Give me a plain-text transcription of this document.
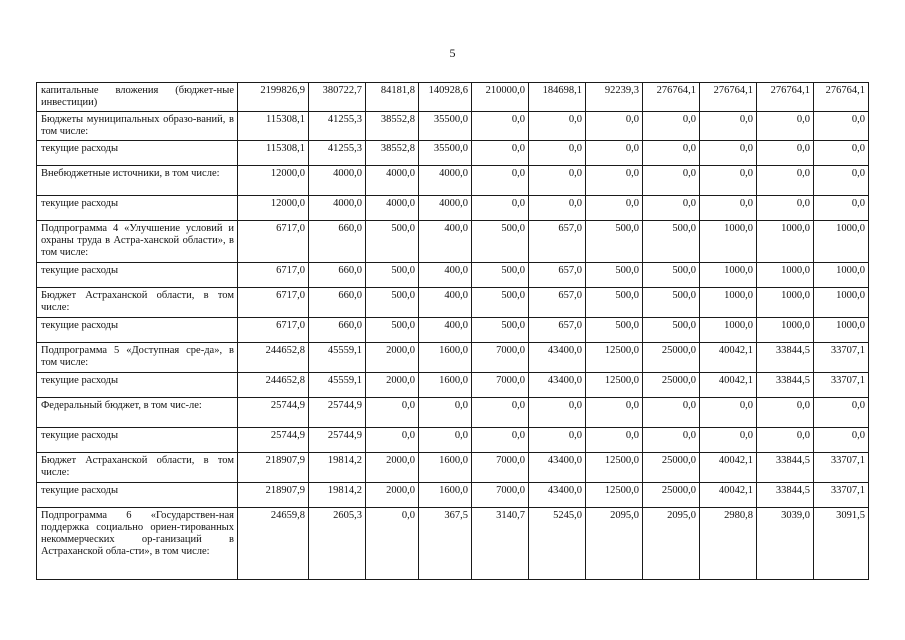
5
капитальные вложения (бюджет-ные инвестиции)	2199826,9	380722,7	84181,8	140928,6	210000,0	184698,1	92239,3	276764,1	276764,1	276764,1	276764,1
Бюджеты муниципальных образо-ваний, в том числе:	115308,1	41255,3	38552,8	35500,0	0,0	0,0	0,0	0,0	0,0	0,0	0,0
текущие расходы	115308,1	41255,3	38552,8	35500,0	0,0	0,0	0,0	0,0	0,0	0,0	0,0
Внебюджетные источники, в том числе:	12000,0	4000,0	4000,0	4000,0	0,0	0,0	0,0	0,0	0,0	0,0	0,0
текущие расходы	12000,0	4000,0	4000,0	4000,0	0,0	0,0	0,0	0,0	0,0	0,0	0,0
Подпрограмма 4 «Улучшение условий и охраны труда в Астра-ханской области», в том числе:	6717,0	660,0	500,0	400,0	500,0	657,0	500,0	500,0	1000,0	1000,0	1000,0
текущие расходы	6717,0	660,0	500,0	400,0	500,0	657,0	500,0	500,0	1000,0	1000,0	1000,0
Бюджет Астраханской области, в том числе:	6717,0	660,0	500,0	400,0	500,0	657,0	500,0	500,0	1000,0	1000,0	1000,0
текущие расходы	6717,0	660,0	500,0	400,0	500,0	657,0	500,0	500,0	1000,0	1000,0	1000,0
Подпрограмма 5 «Доступная сре-да», в том числе:	244652,8	45559,1	2000,0	1600,0	7000,0	43400,0	12500,0	25000,0	40042,1	33844,5	33707,1
текущие расходы	244652,8	45559,1	2000,0	1600,0	7000,0	43400,0	12500,0	25000,0	40042,1	33844,5	33707,1
Федеральный бюджет, в том чис-ле:	25744,9	25744,9	0,0	0,0	0,0	0,0	0,0	0,0	0,0	0,0	0,0
текущие расходы	25744,9	25744,9	0,0	0,0	0,0	0,0	0,0	0,0	0,0	0,0	0,0
Бюджет Астраханской области, в том числе:	218907,9	19814,2	2000,0	1600,0	7000,0	43400,0	12500,0	25000,0	40042,1	33844,5	33707,1
текущие расходы	218907,9	19814,2	2000,0	1600,0	7000,0	43400,0	12500,0	25000,0	40042,1	33844,5	33707,1
Подпрограмма 6 «Государствен-ная поддержка социально ориен-тированных некоммерческих ор-ганизаций в Астраханской обла-сти», в том числе:	24659,8	2605,3	0,0	367,5	3140,7	5245,0	2095,0	2095,0	2980,8	3039,0	3091,5
